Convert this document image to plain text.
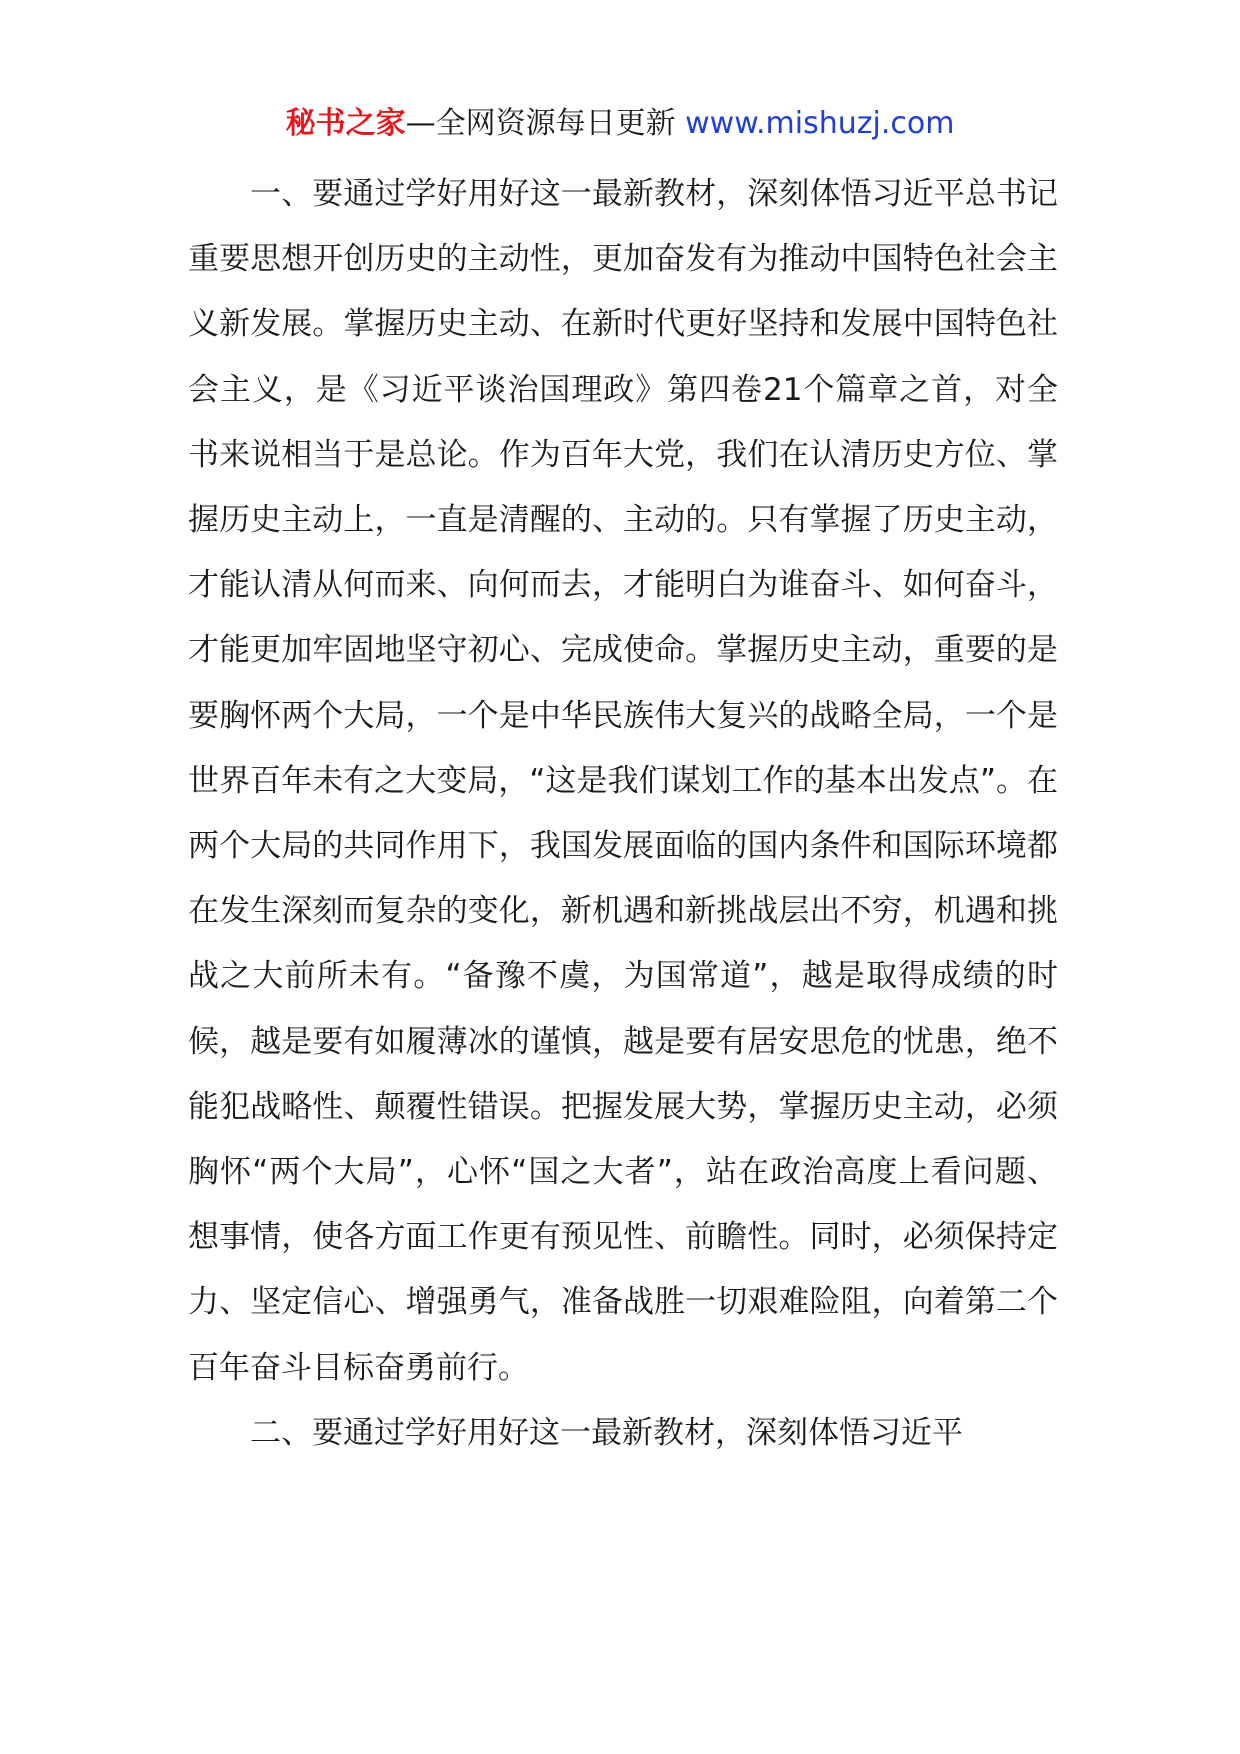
秘书之家—全网资源每日更新 www.mishuzj.com

一、要通过学好用好这一最新教材，深刻体悟习近平总书记重要思想开创历史的主动性，更加奋发有为推动中国特色社会主义新发展。掌握历史主动、在新时代更好坚持和发展中国特色社会主义，是《习近平谈治国理政》第四卷21个篇章之首，对全书来说相当于是总论。作为百年大党，我们在认清历史方位、掌握历史主动上，一直是清醒的、主动的。只有掌握了历史主动，才能认清从何而来、向何而去，才能明白为谁奋斗、如何奋斗，才能更加牢固地坚守初心、完成使命。掌握历史主动，重要的是要胸怀两个大局，一个是中华民族伟大复兴的战略全局，一个是世界百年未有之大变局，“这是我们谋划工作的基本出发点”。在两个大局的共同作用下，我国发展面临的国内条件和国际环境都在发生深刻而复杂的变化，新机遇和新挑战层出不穷，机遇和挑战之大前所未有。“备豫不虞，为国常道”，越是取得成绩的时候，越是要有如履薄冰的谨慎，越是要有居安思危的忧患，绝不能犯战略性、颠覆性错误。把握发展大势，掌握历史主动，必须胸怀“两个大局”，心怀“国之大者”，站在政治高度上看问题、想事情，使各方面工作更有预见性、前瞻性。同时，必须保持定力、坚定信心、增强勇气，准备战胜一切艰难险阻，向着第二个百年奋斗目标奋勇前行。

二、要通过学好用好这一最新教材，深刻体悟习近平
